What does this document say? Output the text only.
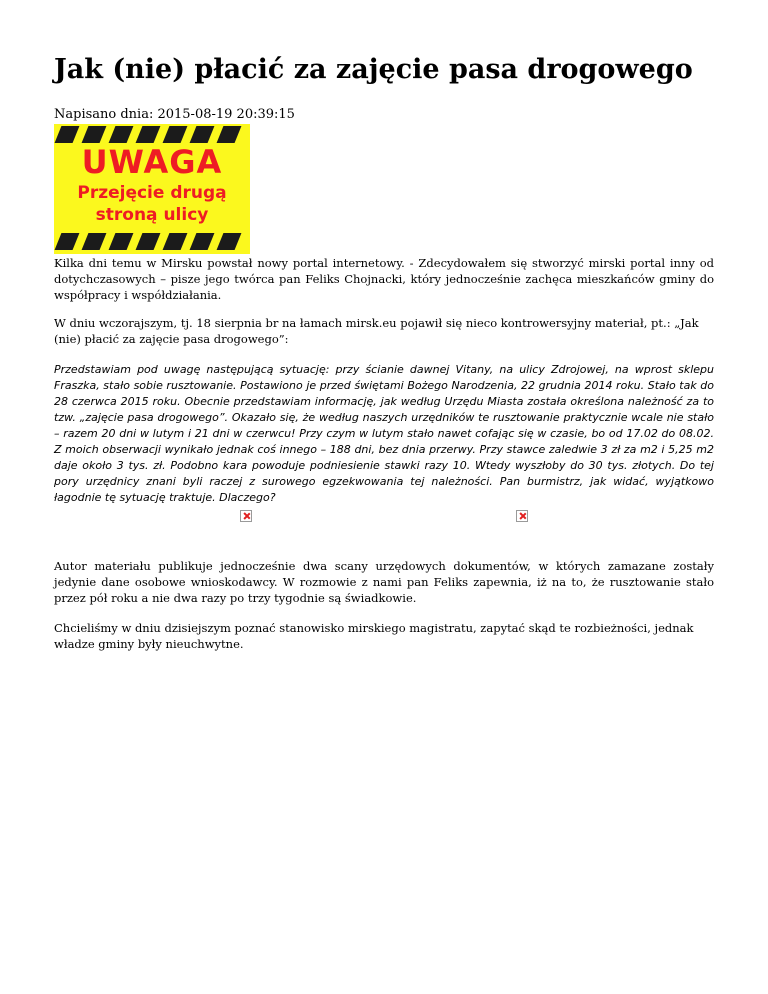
Jak (nie) płacić za zajęcie pasa drogowego
Napisano dnia: 2015-08-19 20:39:15
UWAGA
Przejęcie drugą
stroną ulicy

Kilka dni temu w Mirsku powstał nowy portal internetowy. - Zdecydowałem się stworzyć mirski portal inny od dotychczasowych – pisze jego twórca pan Feliks Chojnacki, który jednocześnie zachęca mieszkańców gminy do współpracy i współdziałania.

W dniu wczorajszym, tj. 18 sierpnia br na łamach mirsk.eu pojawił się nieco kontrowersyjny materiał, pt.: „Jak (nie) płacić za zajęcie pasa drogowego”:

Przedstawiam pod uwagę następującą sytuację: przy ścianie dawnej Vitany, na ulicy Zdrojowej, na wprost sklepu Fraszka, stało sobie rusztowanie. Postawiono je przed świętami Bożego Narodzenia, 22 grudnia 2014 roku. Stało tak do 28 czerwca 2015 roku. Obecnie przedstawiam informację, jak według Urzędu Miasta została określona należność za to tzw. „zajęcie pasa drogowego”. Okazało się, że według naszych urzędników te rusztowanie praktycznie wcale nie stało – razem 20 dni w lutym i 21 dni w czerwcu! Przy czym w lutym stało nawet cofając się w czasie, bo od 17.02 do 08.02. Z moich obserwacji wynikało jednak coś innego – 188 dni, bez dnia przerwy. Przy stawce zaledwie 3 zł za m2 i 5,25 m2 daje około 3 tys. zł. Podobno kara powoduje podniesienie stawki razy 10. Wtedy wyszłoby do 30 tys. złotych. Do tej pory urzędnicy znani byli raczej z surowego egzekwowania tej należności. Pan burmistrz, jak widać, wyjątkowo łagodnie tę sytuację traktuje. Dlaczego?

Autor materiału publikuje jednocześnie dwa scany urzędowych dokumentów, w których zamazane zostały jedynie dane osobowe wnioskodawcy. W rozmowie z nami pan Feliks zapewnia, iż na to, że rusztowanie stało przez pół roku a nie dwa razy po trzy tygodnie są świadkowie.

Chcieliśmy w dniu dzisiejszym poznać stanowisko mirskiego magistratu, zapytać skąd te rozbieżności, jednak władze gminy były nieuchwytne.
